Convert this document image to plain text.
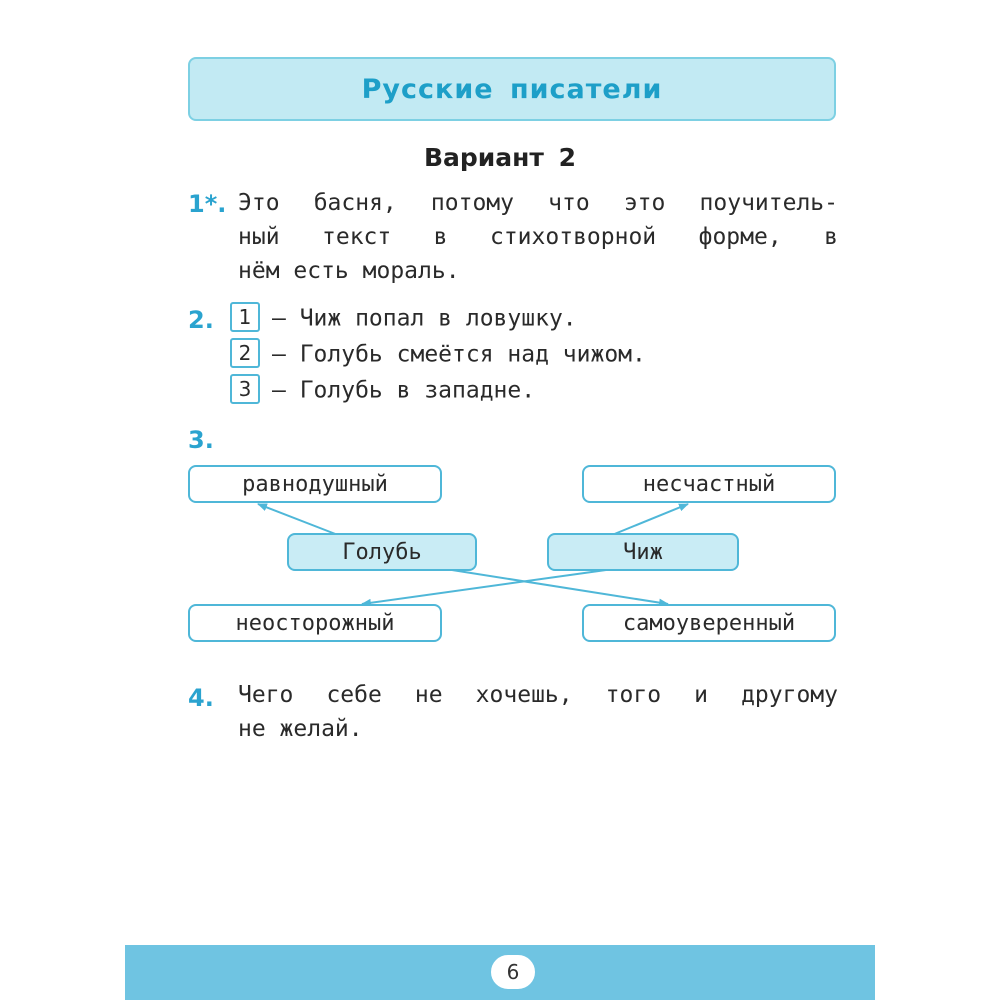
Русские писатели
Вариант 2
1*. Это басня, потому что это поучитель-
ный текст в стихотворной форме, в
нём есть мораль.
2.	1 — Чиж попал в ловушку.
2 — Голубь смеётся над чижом.
3 — Голубь в западне.
3.
равнодушный	несчастный
Голубь	Чиж
неосторожный	самоуверенный
4. Чего себе не хочешь, того и другому
не желай.
6
